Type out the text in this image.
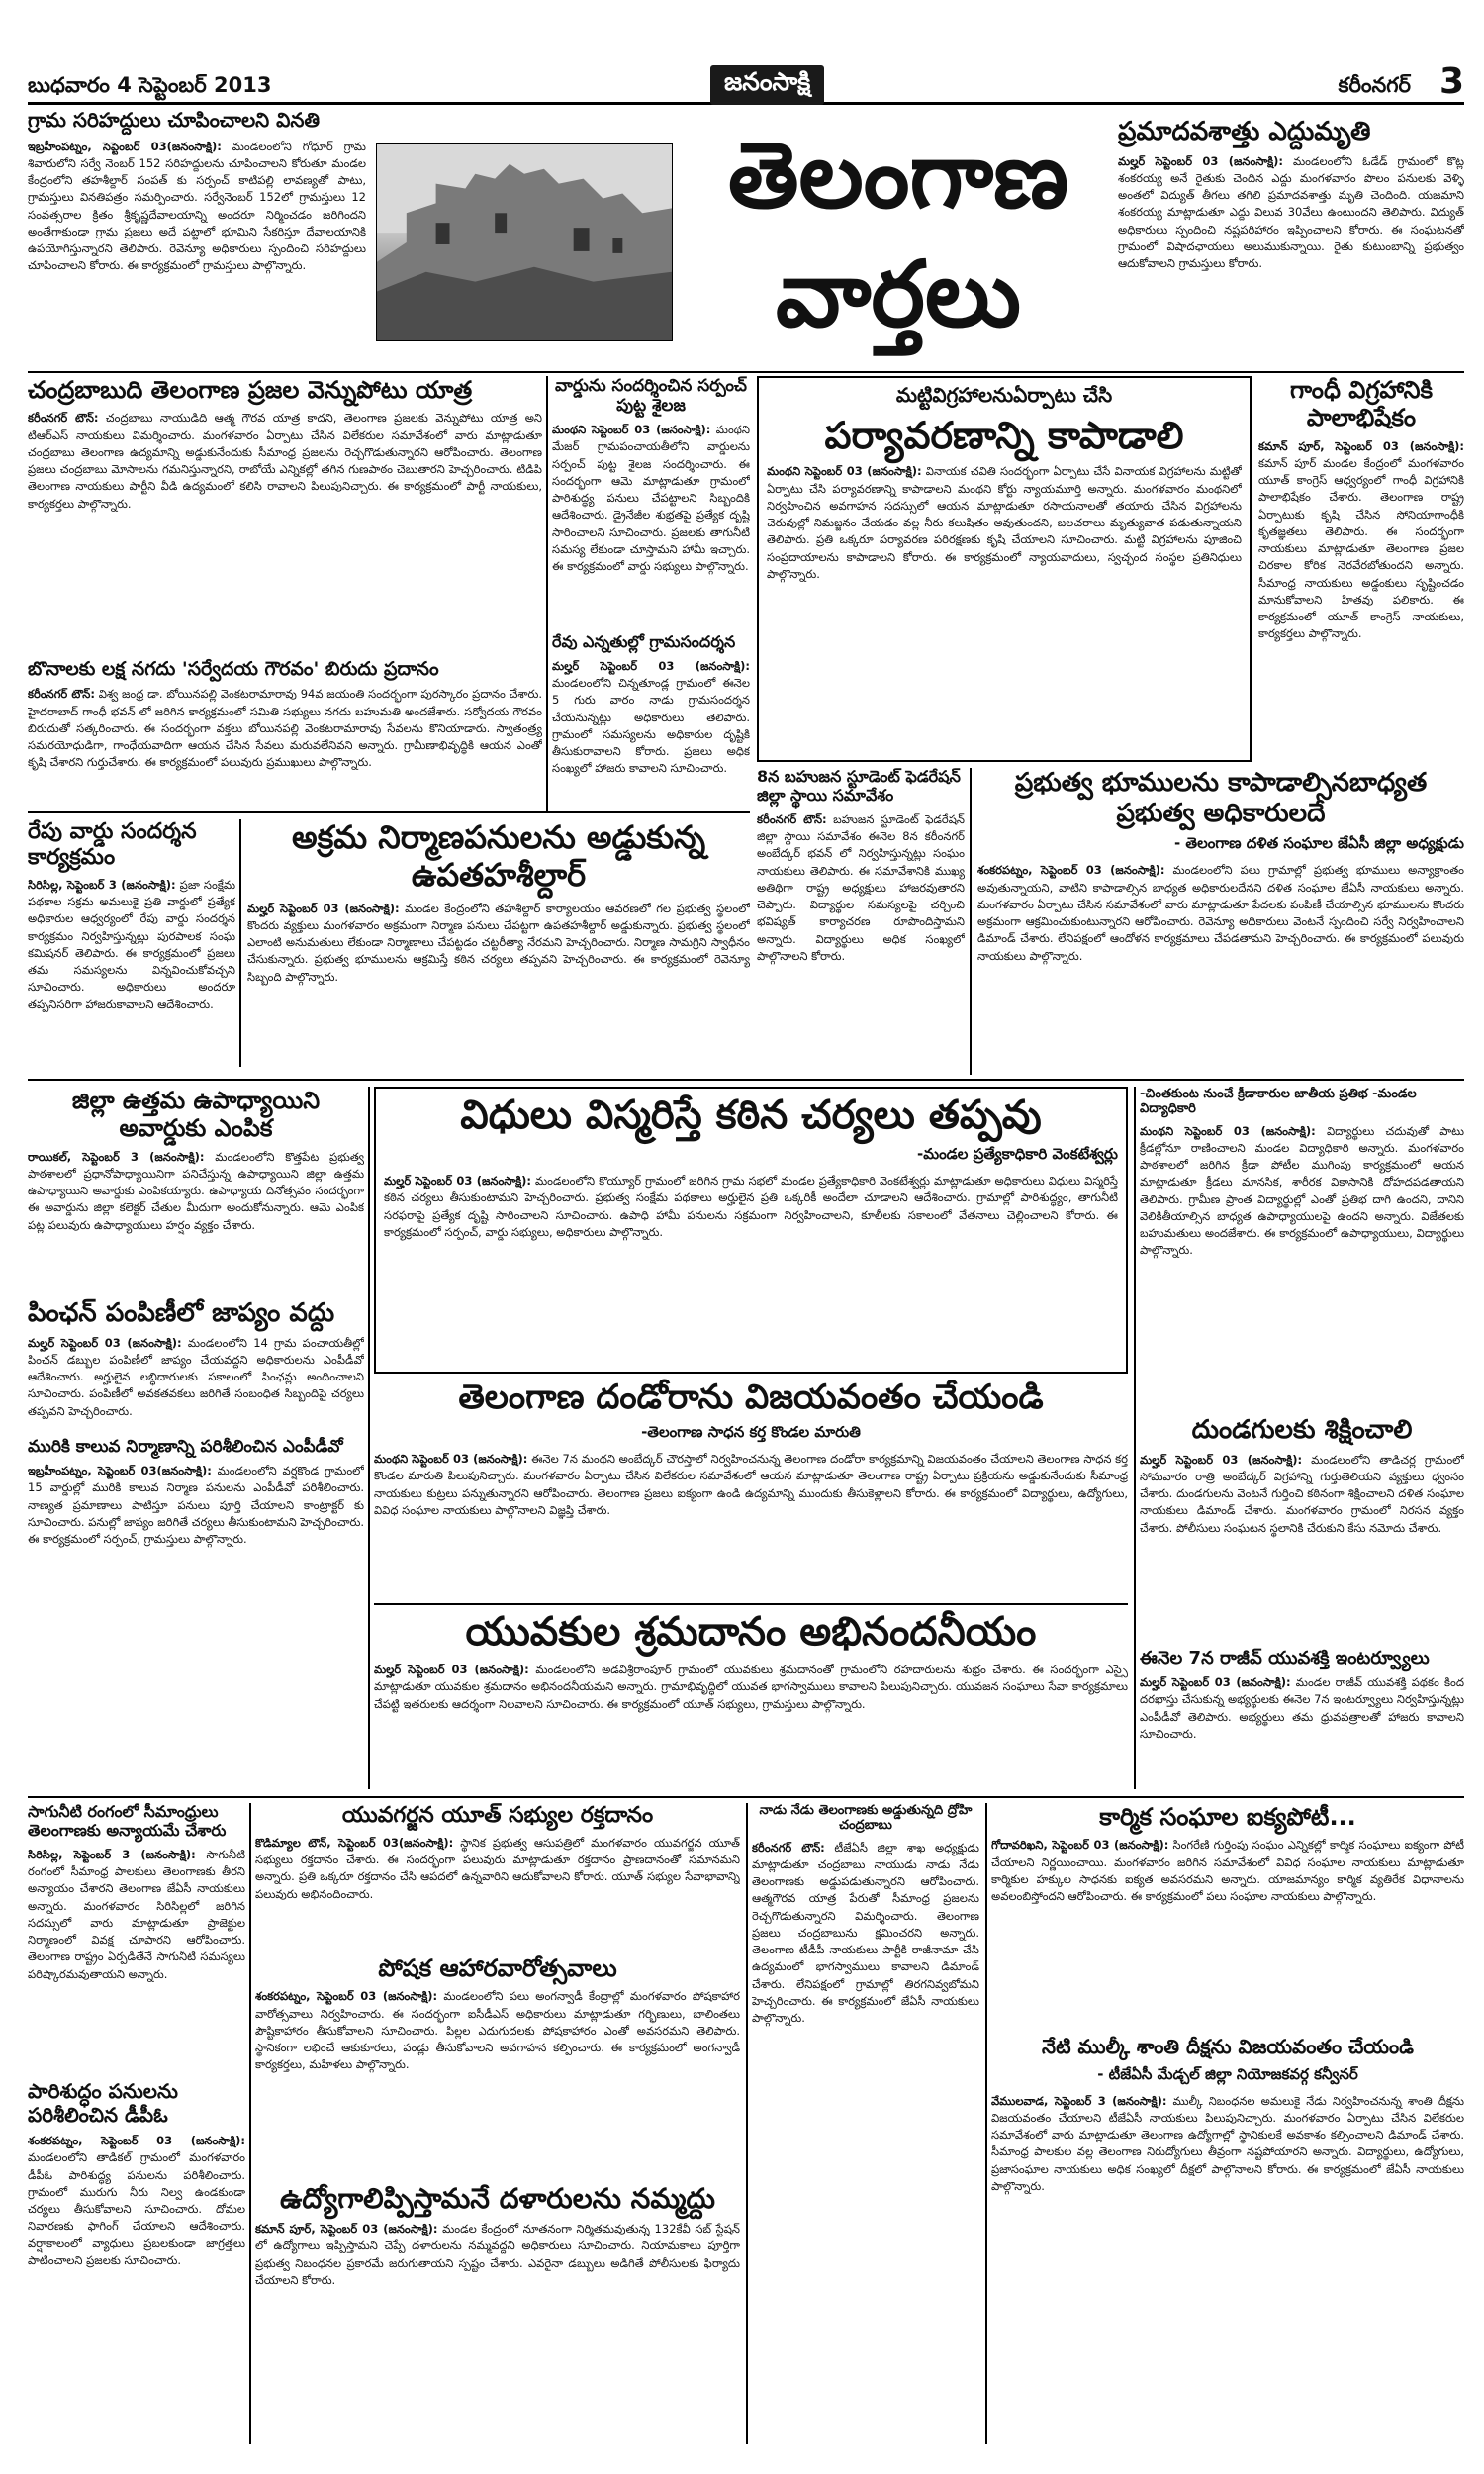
బుధవారం 4 సెప్టెంబర్ 2013	జనంసాక్షి	కరీంనగర్ 3
తెలంగాణ
వార్తలు
గ్రామ సరిహద్దులు చూపించాలని వినతి
ఇబ్రహీంపట్నం, సెప్టెంబర్ 03(జనంసాక్షి): మండలంలోని గోధూర్ గ్రామ శివారులోని సర్వే నెంబర్ 152 సరిహద్దులను చూపించాలని కోరుతూ మండల కేంద్రంలోని తహశీల్దార్ సంపత్ కు సర్పంచ్ కాటిపల్లి లావణ్యతో పాటు, గ్రామస్తులు వినతిపత్రం సమర్పించారు. సర్వేనెంబర్ 152లో గ్రామస్తులు 12 సంవత్సరాల క్రితం శ్రీకృష్ణదేవాలయాన్ని అందరూ నిర్మించడం జరిగిందని అంతేగాకుండా గ్రామ ప్రజలు అదే పట్టాలో భూమిని సేకరిస్తూ దేవాలయానికి ఉపయోగిస్తున్నారని తెలిపారు. రెవెన్యూ అధికారులు స్పందించి సరిహద్దులు చూపించాలని కోరారు. ఈ కార్యక్రమంలో గ్రామస్తులు పాల్గొన్నారు.
ప్రమాదవశాత్తు ఎద్దుమృతి
మల్హర్ సెప్టెంబర్ 03 (జనంసాక్షి): మండలంలోని ఓడేడ్ గ్రామంలో కొట్ల శంకరయ్య అనే రైతుకు చెందిన ఎద్దు మంగళవారం పొలం పనులకు వెళ్ళి అంతలో విద్యుత్ తీగలు తగిలి ప్రమాదవశాత్తు మృతి చెందింది. యజమాని శంకరయ్య మాట్లాడుతూ ఎద్దు విలువ 30వేలు ఉంటుందని తెలిపారు. విద్యుత్ అధికారులు స్పందించి నష్టపరిహారం ఇప్పించాలని కోరారు. ఈ సంఘటనతో గ్రామంలో విషాదఛాయలు అలుముకున్నాయి. రైతు కుటుంబాన్ని ప్రభుత్వం ఆదుకోవాలని గ్రామస్తులు కోరారు.
చంద్రబాబుది తెలంగాణ ప్రజల వెన్నుపోటు యాత్ర
కరీంనగర్ టౌన్: చంద్రబాబు నాయుడిది ఆత్మ గౌరవ యాత్ర కాదని, తెలంగాణ ప్రజలకు వెన్నుపోటు యాత్ర అని టిఆర్ఎస్ నాయకులు విమర్శించారు. మంగళవారం ఏర్పాటు చేసిన విలేకరుల సమావేశంలో వారు మాట్లాడుతూ చంద్రబాబు తెలంగాణ ఉద్యమాన్ని అడ్డుకునేందుకు సీమాంధ్ర ప్రజలను రెచ్చగొడుతున్నారని ఆరోపించారు. తెలంగాణ ప్రజలు చంద్రబాబు మోసాలను గమనిస్తున్నారని, రాబోయే ఎన్నికల్లో తగిన గుణపాఠం చెబుతారని హెచ్చరించారు. టిడిపి తెలంగాణ నాయకులు పార్టీని వీడి ఉద్యమంలో కలిసి రావాలని పిలుపునిచ్చారు. ఈ కార్యక్రమంలో పార్టీ నాయకులు, కార్యకర్తలు పాల్గొన్నారు.
బొనాలకు లక్ష నగదు 'సర్వేదయ గౌరవం' బిరుదు ప్రదానం
కరీంనగర్ టౌన్: విశ్వ జంధ్ర డా. బోయినపల్లి వెంకటరామారావు 94వ జయంతి సందర్భంగా పురస్కారం ప్రదానం చేశారు. హైదరాబాద్ గాంధీ భవన్ లో జరిగిన కార్యక్రమంలో సమితి సభ్యులు నగదు బహుమతి అందజేశారు. సర్వోదయ గౌరవం బిరుదుతో సత్కరించారు. ఈ సందర్భంగా వక్తలు బోయినపల్లి వెంకటరామారావు సేవలను కొనియాడారు. స్వాతంత్ర్య సమరయోధుడిగా, గాంధేయవాదిగా ఆయన చేసిన సేవలు మరువలేనివని అన్నారు. గ్రామీణాభివృద్ధికి ఆయన ఎంతో కృషి చేశారని గుర్తుచేశారు. ఈ కార్యక్రమంలో పలువురు ప్రముఖులు పాల్గొన్నారు.
వార్డును సందర్శించిన సర్పంచ్ పుట్ట శైలజ
మంథని సెప్టెంబర్ 03 (జనంసాక్షి): మంథని మేజర్ గ్రామపంచాయతీలోని వార్డులను సర్పంచ్ పుట్ట శైలజ సందర్శించారు. ఈ సందర్భంగా ఆమె మాట్లాడుతూ గ్రామంలో పారిశుద్ధ్య పనులు చేపట్టాలని సిబ్బందికి ఆదేశించారు. డ్రైనేజీల శుభ్రతపై ప్రత్యేక దృష్టి సారించాలని సూచించారు. ప్రజలకు తాగునీటి సమస్య లేకుండా చూస్తామని హామీ ఇచ్చారు. ఈ కార్యక్రమంలో వార్డు సభ్యులు పాల్గొన్నారు.
రేవు ఎన్నతుల్లో గ్రామసందర్శన
మల్హర్ సెప్టెంబర్ 03 (జనంసాక్షి): మండలంలోని చిన్నతూండ్ల గ్రామంలో ఈనెల 5 గురు వారం నాడు గ్రామసందర్శన చేయనున్నట్లు అధికారులు తెలిపారు. గ్రామంలో సమస్యలను అధికారుల దృష్టికి తీసుకురావాలని కోరారు. ప్రజలు అధిక సంఖ్యలో హాజరు కావాలని సూచించారు.
మట్టివిగ్రహాలనుఏర్పాటు చేసి
పర్యావరణాన్ని కాపాడాలి
మంథని సెప్టెంబర్ 03 (జనంసాక్షి): వినాయక చవితి సందర్భంగా ఏర్పాటు చేసే వినాయక విగ్రహాలను మట్టితో ఏర్పాటు చేసి పర్యావరణాన్ని కాపాడాలని మంథని కోర్టు న్యాయమూర్తి అన్నారు. మంగళవారం మంథనిలో నిర్వహించిన అవగాహన సదస్సులో ఆయన మాట్లాడుతూ రసాయనాలతో తయారు చేసిన విగ్రహాలను చెరువుల్లో నిమజ్జనం చేయడం వల్ల నీరు కలుషితం అవుతుందని, జలచరాలు మృత్యువాత పడుతున్నాయని తెలిపారు. ప్రతి ఒక్కరూ పర్యావరణ పరిరక్షణకు కృషి చేయాలని సూచించారు. మట్టి విగ్రహాలను పూజించి సంప్రదాయాలను కాపాడాలని కోరారు. ఈ కార్యక్రమంలో న్యాయవాదులు, స్వచ్ఛంద సంస్థల ప్రతినిధులు పాల్గొన్నారు.
గాంధీ విగ్రహానికి పాలాభిషేకం
కమాన్ పూర్, సెప్టెంబర్ 03 (జనంసాక్షి): కమాన్ పూర్ మండల కేంద్రంలో మంగళవారం యూత్ కాంగ్రెస్ ఆధ్వర్యంలో గాంధీ విగ్రహానికి పాలాభిషేకం చేశారు. తెలంగాణ రాష్ట్ర ఏర్పాటుకు కృషి చేసిన సోనియాగాంధీకి కృతజ్ఞతలు తెలిపారు. ఈ సందర్భంగా నాయకులు మాట్లాడుతూ తెలంగాణ ప్రజల చిరకాల కోరిక నెరవేరబోతుందని అన్నారు. సీమాంధ్ర నాయకులు అడ్డంకులు సృష్టించడం మానుకోవాలని హితవు పలికారు. ఈ కార్యక్రమంలో యూత్ కాంగ్రెస్ నాయకులు, కార్యకర్తలు పాల్గొన్నారు.
8న బహుజన స్టూడెంట్ ఫెడరేషన్ జిల్లా స్థాయి సమావేశం
కరీంనగర్ టౌన్: బహుజన స్టూడెంట్ ఫెడరేషన్ జిల్లా స్థాయి సమావేశం ఈనెల 8న కరీంనగర్ అంబేద్కర్ భవన్ లో నిర్వహిస్తున్నట్లు సంఘం నాయకులు తెలిపారు. ఈ సమావేశానికి ముఖ్య అతిథిగా రాష్ట్ర అధ్యక్షులు హాజరవుతారని చెప్పారు. విద్యార్థుల సమస్యలపై చర్చించి భవిష్యత్ కార్యాచరణ రూపొందిస్తామని అన్నారు. విద్యార్థులు అధిక సంఖ్యలో పాల్గొనాలని కోరారు.
ప్రభుత్వ భూములను కాపాడాల్సినబాధ్యత ప్రభుత్వ అధికారులదే
- తెలంగాణ దళిత సంఘాల జేఏసీ జిల్లా అధ్యక్షుడు
శంకరపట్నం, సెప్టెంబర్ 03 (జనంసాక్షి): మండలంలోని పలు గ్రామాల్లో ప్రభుత్వ భూములు అన్యాక్రాంతం అవుతున్నాయని, వాటిని కాపాడాల్సిన బాధ్యత అధికారులదేనని దళిత సంఘాల జేఏసీ నాయకులు అన్నారు. మంగళవారం ఏర్పాటు చేసిన సమావేశంలో వారు మాట్లాడుతూ పేదలకు పంపిణీ చేయాల్సిన భూములను కొందరు అక్రమంగా ఆక్రమించుకుంటున్నారని ఆరోపించారు. రెవెన్యూ అధికారులు వెంటనే స్పందించి సర్వే నిర్వహించాలని డిమాండ్ చేశారు. లేనిపక్షంలో ఆందోళన కార్యక్రమాలు చేపడతామని హెచ్చరించారు. ఈ కార్యక్రమంలో పలువురు నాయకులు పాల్గొన్నారు.
రేపు వార్డు సందర్శన కార్యక్రమం
సిరిసిల్ల, సెప్టెంబర్ 3 (జనంసాక్షి): ప్రజా సంక్షేమ పథకాల సక్రమ అమలుకై ప్రతి వార్డులో ప్రత్యేక అధికారుల ఆధ్వర్యంలో రేపు వార్డు సందర్శన కార్యక్రమం నిర్వహిస్తున్నట్లు పురపాలక సంఘ కమిషనర్ తెలిపారు. ఈ కార్యక్రమంలో ప్రజలు తమ సమస్యలను విన్నవించుకోవచ్చని సూచించారు. అధికారులు అందరూ తప్పనిసరిగా హాజరుకావాలని ఆదేశించారు.
అక్రమ నిర్మాణపనులను అడ్డుకున్న ఉపతహశీల్దార్
మల్హర్ సెప్టెంబర్ 03 (జనంసాక్షి): మండల కేంద్రంలోని తహశీల్దార్ కార్యాలయం ఆవరణలో గల ప్రభుత్వ స్థలంలో కొందరు వ్యక్తులు మంగళవారం అక్రమంగా నిర్మాణ పనులు చేపట్టగా ఉపతహశీల్దార్ అడ్డుకున్నారు. ప్రభుత్వ స్థలంలో ఎలాంటి అనుమతులు లేకుండా నిర్మాణాలు చేపట్టడం చట్టరీత్యా నేరమని హెచ్చరించారు. నిర్మాణ సామగ్రిని స్వాధీనం చేసుకున్నారు. ప్రభుత్వ భూములను ఆక్రమిస్తే కఠిన చర్యలు తప్పవని హెచ్చరించారు. ఈ కార్యక్రమంలో రెవెన్యూ సిబ్బంది పాల్గొన్నారు.
జిల్లా ఉత్తమ ఉపాధ్యాయిని అవార్డుకు ఎంపిక
రాయికల్, సెప్టెంబర్ 3 (జనంసాక్షి): మండలంలోని కొత్తపేట ప్రభుత్వ పాఠశాలలో ప్రధానోపాధ్యాయినిగా పనిచేస్తున్న ఉపాధ్యాయిని జిల్లా ఉత్తమ ఉపాధ్యాయిని అవార్డుకు ఎంపికయ్యారు. ఉపాధ్యాయ దినోత్సవం సందర్భంగా ఈ అవార్డును జిల్లా కలెక్టర్ చేతుల మీదుగా అందుకోనున్నారు. ఆమె ఎంపిక పట్ల పలువురు ఉపాధ్యాయులు హర్షం వ్యక్తం చేశారు.
పింఛన్ పంపిణీలో జాప్యం వద్దు
మల్హర్ సెప్టెంబర్ 03 (జనంసాక్షి): మండలంలోని 14 గ్రామ పంచాయతీల్లో పింఛన్ డబ్బుల పంపిణీలో జాప్యం చేయవద్దని అధికారులను ఎంపీడీవో ఆదేశించారు. అర్హులైన లబ్ధిదారులకు సకాలంలో పింఛన్లు అందించాలని సూచించారు. పంపిణీలో అవకతవకలు జరిగితే సంబంధిత సిబ్బందిపై చర్యలు తప్పవని హెచ్చరించారు.
మురికి కాలువ నిర్మాణాన్ని పరిశీలించిన ఎంపీడీవో
ఇబ్రహీంపట్నం, సెప్టెంబర్ 03(జనంసాక్షి): మండలంలోని వర్షకొండ గ్రామంలో 15 వార్డుల్లో మురికి కాలువ నిర్మాణ పనులను ఎంపీడీవో పరిశీలించారు. నాణ్యత ప్రమాణాలు పాటిస్తూ పనులు పూర్తి చేయాలని కాంట్రాక్టర్ కు సూచించారు. పనుల్లో జాప్యం జరిగితే చర్యలు తీసుకుంటామని హెచ్చరించారు. ఈ కార్యక్రమంలో సర్పంచ్, గ్రామస్తులు పాల్గొన్నారు.
విధులు విస్మరిస్తే కఠిన చర్యలు తప్పవు
-మండల ప్రత్యేకాధికారి వెంకటేశ్వర్లు
మల్హర్ సెప్టెంబర్ 03 (జనంసాక్షి): మండలంలోని కొయ్యూర్ గ్రామంలో జరిగిన గ్రామ సభలో మండల ప్రత్యేకాధికారి వెంకటేశ్వర్లు మాట్లాడుతూ అధికారులు విధులు విస్మరిస్తే కఠిన చర్యలు తీసుకుంటామని హెచ్చరించారు. ప్రభుత్వ సంక్షేమ పథకాలు అర్హులైన ప్రతి ఒక్కరికీ అందేలా చూడాలని ఆదేశించారు. గ్రామాల్లో పారిశుద్ధ్యం, తాగునీటి సరఫరాపై ప్రత్యేక దృష్టి సారించాలని సూచించారు. ఉపాధి హామీ పనులను సక్రమంగా నిర్వహించాలని, కూలీలకు సకాలంలో వేతనాలు చెల్లించాలని కోరారు. ఈ కార్యక్రమంలో సర్పంచ్, వార్డు సభ్యులు, అధికారులు పాల్గొన్నారు.
తెలంగాణ దండోరాను విజయవంతం చేయండి
-తెలంగాణ సాధన కర్త కొండల మారుతి
మంథని సెప్టెంబర్ 03 (జనంసాక్షి): ఈనెల 7న మంథని అంబేద్కర్ చౌరస్తాలో నిర్వహించనున్న తెలంగాణ దండోరా కార్యక్రమాన్ని విజయవంతం చేయాలని తెలంగాణ సాధన కర్త కొండల మారుతి పిలుపునిచ్చారు. మంగళవారం ఏర్పాటు చేసిన విలేకరుల సమావేశంలో ఆయన మాట్లాడుతూ తెలంగాణ రాష్ట్ర ఏర్పాటు ప్రక్రియను అడ్డుకునేందుకు సీమాంధ్ర నాయకులు కుట్రలు పన్నుతున్నారని ఆరోపించారు. తెలంగాణ ప్రజలు ఐక్యంగా ఉండి ఉద్యమాన్ని ముందుకు తీసుకెళ్లాలని కోరారు. ఈ కార్యక్రమంలో విద్యార్థులు, ఉద్యోగులు, వివిధ సంఘాల నాయకులు పాల్గొనాలని విజ్ఞప్తి చేశారు.
యువకుల శ్రమదానం అభినందనీయం
మల్హర్ సెప్టెంబర్ 03 (జనంసాక్షి): మండలంలోని అడవిశ్రీరాంపూర్ గ్రామంలో యువకులు శ్రమదానంతో గ్రామంలోని రహదారులను శుభ్రం చేశారు. ఈ సందర్భంగా ఎస్సై మాట్లాడుతూ యువకుల శ్రమదానం అభినందనీయమని అన్నారు. గ్రామాభివృద్ధిలో యువత భాగస్వాములు కావాలని పిలుపునిచ్చారు. యువజన సంఘాలు సేవా కార్యక్రమాలు చేపట్టి ఇతరులకు ఆదర్శంగా నిలవాలని సూచించారు. ఈ కార్యక్రమంలో యూత్ సభ్యులు, గ్రామస్తులు పాల్గొన్నారు.
-చింతకుంట నుంచే క్రీడాకారుల జాతీయ ప్రతిభ -మండల విద్యాధికారి
మంథని సెప్టెంబర్ 03 (జనంసాక్షి): విద్యార్థులు చదువుతో పాటు క్రీడల్లోనూ రాణించాలని మండల విద్యాధికారి అన్నారు. మంగళవారం పాఠశాలలో జరిగిన క్రీడా పోటీల ముగింపు కార్యక్రమంలో ఆయన మాట్లాడుతూ క్రీడలు మానసిక, శారీరక వికాసానికి దోహదపడతాయని తెలిపారు. గ్రామీణ ప్రాంత విద్యార్థుల్లో ఎంతో ప్రతిభ దాగి ఉందని, దానిని వెలికితీయాల్సిన బాధ్యత ఉపాధ్యాయులపై ఉందని అన్నారు. విజేతలకు బహుమతులు అందజేశారు. ఈ కార్యక్రమంలో ఉపాధ్యాయులు, విద్యార్థులు పాల్గొన్నారు.
దుండగులకు శిక్షించాలి
మల్హర్ సెప్టెంబర్ 03 (జనంసాక్షి): మండలంలోని తాడిచర్ల గ్రామంలో సోమవారం రాత్రి అంబేద్కర్ విగ్రహాన్ని గుర్తుతెలియని వ్యక్తులు ధ్వంసం చేశారు. దుండగులను వెంటనే గుర్తించి కఠినంగా శిక్షించాలని దళిత సంఘాల నాయకులు డిమాండ్ చేశారు. మంగళవారం గ్రామంలో నిరసన వ్యక్తం చేశారు. పోలీసులు సంఘటన స్థలానికి చేరుకుని కేసు నమోదు చేశారు.
ఈనెల 7న రాజీవ్ యువశక్తి ఇంటర్వ్యూలు
మల్హర్ సెప్టెంబర్ 03 (జనంసాక్షి): మండల రాజీవ్ యువశక్తి పథకం కింద దరఖాస్తు చేసుకున్న అభ్యర్థులకు ఈనెల 7న ఇంటర్వ్యూలు నిర్వహిస్తున్నట్లు ఎంపీడీవో తెలిపారు. అభ్యర్థులు తమ ధ్రువపత్రాలతో హాజరు కావాలని సూచించారు.
సాగునీటి రంగంలో సీమాంధ్రులు తెలంగాణకు అన్యాయమే చేశారు
సిరిసిల్ల, సెప్టెంబర్ 3 (జనంసాక్షి): సాగునీటి రంగంలో సీమాంధ్ర పాలకులు తెలంగాణకు తీరని అన్యాయం చేశారని తెలంగాణ జేఏసీ నాయకులు అన్నారు. మంగళవారం సిరిసిల్లలో జరిగిన సదస్సులో వారు మాట్లాడుతూ ప్రాజెక్టుల నిర్మాణంలో వివక్ష చూపారని ఆరోపించారు. తెలంగాణ రాష్ట్రం ఏర్పడితేనే సాగునీటి సమస్యలు పరిష్కారమవుతాయని అన్నారు.
పారిశుద్ధం పనులను పరిశీలించిన డీపీఓ
శంకరపట్నం, సెప్టెంబర్ 03 (జనంసాక్షి): మండలంలోని తాడికల్ గ్రామంలో మంగళవారం డీపీఓ పారిశుద్ధ్య పనులను పరిశీలించారు. గ్రామంలో మురుగు నీరు నిల్వ ఉండకుండా చర్యలు తీసుకోవాలని సూచించారు. దోమల నివారణకు ఫాగింగ్ చేయాలని ఆదేశించారు. వర్షాకాలంలో వ్యాధులు ప్రబలకుండా జాగ్రత్తలు పాటించాలని ప్రజలకు సూచించారు.
యువగర్జన యూత్ సభ్యుల రక్తదానం
కొడిమ్యాల టౌన్, సెప్టెంబర్ 03(జనంసాక్షి): స్థానిక ప్రభుత్వ ఆసుపత్రిలో మంగళవారం యువగర్జన యూత్ సభ్యులు రక్తదానం చేశారు. ఈ సందర్భంగా పలువురు మాట్లాడుతూ రక్తదానం ప్రాణదానంతో సమానమని అన్నారు. ప్రతి ఒక్కరూ రక్తదానం చేసి ఆపదలో ఉన్నవారిని ఆదుకోవాలని కోరారు. యూత్ సభ్యుల సేవాభావాన్ని పలువురు అభినందించారు.
పోషక ఆహారవారోత్సవాలు
శంకరపట్నం, సెప్టెంబర్ 03 (జనంసాక్షి): మండలంలోని పలు అంగన్వాడీ కేంద్రాల్లో మంగళవారం పోషకాహార వారోత్సవాలు నిర్వహించారు. ఈ సందర్భంగా ఐసీడీఎస్ అధికారులు మాట్లాడుతూ గర్భిణులు, బాలింతలు పౌష్టికాహారం తీసుకోవాలని సూచించారు. పిల్లల ఎదుగుదలకు పోషకాహారం ఎంతో అవసరమని తెలిపారు. స్థానికంగా లభించే ఆకుకూరలు, పండ్లు తీసుకోవాలని అవగాహన కల్పించారు. ఈ కార్యక్రమంలో అంగన్వాడీ కార్యకర్తలు, మహిళలు పాల్గొన్నారు.
ఉద్యోగాలిప్పిస్తామనే దళారులను నమ్మద్దు
కమాన్ పూర్, సెప్టెంబర్ 03 (జనంసాక్షి): మండల కేంద్రంలో నూతనంగా నిర్మితమవుతున్న 132కేవీ సబ్ స్టేషన్ లో ఉద్యోగాలు ఇప్పిస్తామని చెప్పే దళారులను నమ్మవద్దని అధికారులు సూచించారు. నియామకాలు పూర్తిగా ప్రభుత్వ నిబంధనల ప్రకారమే జరుగుతాయని స్పష్టం చేశారు. ఎవరైనా డబ్బులు అడిగితే పోలీసులకు ఫిర్యాదు చేయాలని కోరారు.
నాడు నేడు తెలంగాణకు అడ్డుతున్నది ద్రోహి చంద్రబాబు
కరీంనగర్ టౌన్: టీజేఏసీ జిల్లా శాఖ అధ్యక్షుడు మాట్లాడుతూ చంద్రబాబు నాయుడు నాడు నేడు తెలంగాణకు అడ్డుపడుతున్నారని ఆరోపించారు. ఆత్మగౌరవ యాత్ర పేరుతో సీమాంధ్ర ప్రజలను రెచ్చగొడుతున్నారని విమర్శించారు. తెలంగాణ ప్రజలు చంద్రబాబును క్షమించరని అన్నారు. తెలంగాణ టీడీపీ నాయకులు పార్టీకి రాజీనామా చేసి ఉద్యమంలో భాగస్వాములు కావాలని డిమాండ్ చేశారు. లేనిపక్షంలో గ్రామాల్లో తిరగనివ్వబోమని హెచ్చరించారు. ఈ కార్యక్రమంలో జేఏసీ నాయకులు పాల్గొన్నారు.
కార్మిక సంఘాల ఐక్యపోటీ...
గోదావరిఖని, సెప్టెంబర్ 03 (జనంసాక్షి): సింగరేణి గుర్తింపు సంఘం ఎన్నికల్లో కార్మిక సంఘాలు ఐక్యంగా పోటీ చేయాలని నిర్ణయించాయి. మంగళవారం జరిగిన సమావేశంలో వివిధ సంఘాల నాయకులు మాట్లాడుతూ కార్మికుల హక్కుల సాధనకు ఐక్యత అవసరమని అన్నారు. యాజమాన్యం కార్మిక వ్యతిరేక విధానాలను అవలంబిస్తోందని ఆరోపించారు. ఈ కార్యక్రమంలో పలు సంఘాల నాయకులు పాల్గొన్నారు.
నేటి ముల్కీ శాంతి దీక్షను విజయవంతం చేయండి
- టీజేఏసీ మేడ్చల్ జిల్లా నియోజకవర్గ కన్వీనర్
వేములవాడ, సెప్టెంబర్ 3 (జనంసాక్షి): ముల్కీ నిబంధనల అమలుకై నేడు నిర్వహించనున్న శాంతి దీక్షను విజయవంతం చేయాలని టీజేఏసీ నాయకులు పిలుపునిచ్చారు. మంగళవారం ఏర్పాటు చేసిన విలేకరుల సమావేశంలో వారు మాట్లాడుతూ తెలంగాణ ఉద్యోగాల్లో స్థానికులకే అవకాశం కల్పించాలని డిమాండ్ చేశారు. సీమాంధ్ర పాలకుల వల్ల తెలంగాణ నిరుద్యోగులు తీవ్రంగా నష్టపోయారని అన్నారు. విద్యార్థులు, ఉద్యోగులు, ప్రజాసంఘాల నాయకులు అధిక సంఖ్యలో దీక్షలో పాల్గొనాలని కోరారు. ఈ కార్యక్రమంలో జేఏసీ నాయకులు పాల్గొన్నారు.
